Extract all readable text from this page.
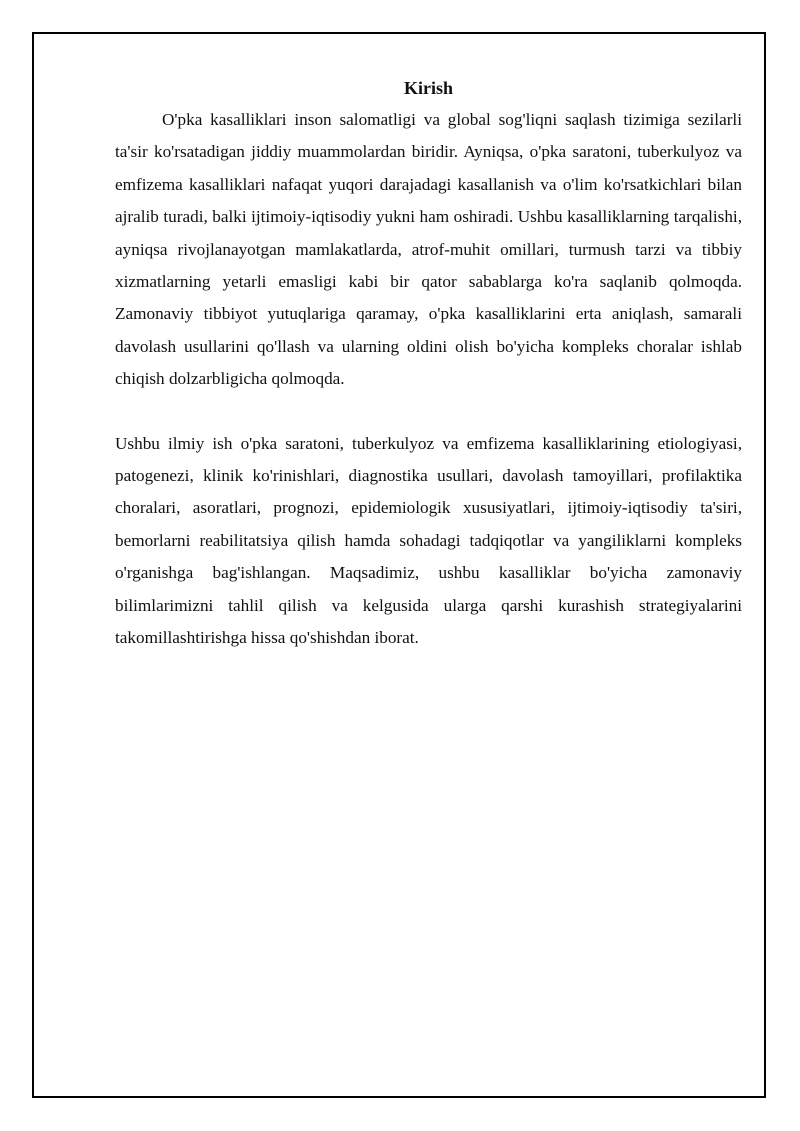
Kirish

O'pka kasalliklari inson salomatligi va global sog'liqni saqlash tizimiga sezilarli ta'sir ko'rsatadigan jiddiy muammolardan biridir. Ayniqsa, o'pka saratoni, tuberkulyoz va emfizema kasalliklari nafaqat yuqori darajadagi kasallanish va o'lim ko'rsatkichlari bilan ajralib turadi, balki ijtimoiy-iqtisodiy yukni ham oshiradi. Ushbu kasalliklarning tarqalishi, ayniqsa rivojlanayotgan mamlakatlarda, atrof-muhit omillari, turmush tarzi va tibbiy xizmatlarning yetarli emasligi kabi bir qator sabablarga ko'ra saqlanib qolmoqda. Zamonaviy tibbiyot yutuqlariga qaramay, o'pka kasalliklarini erta aniqlash, samarali davolash usullarini qo'llash va ularning oldini olish bo'yicha kompleks choralar ishlab chiqish dolzarbligicha qolmoqda.

Ushbu ilmiy ish o'pka saratoni, tuberkulyoz va emfizema kasalliklarining etiologiyasi, patogenezi, klinik ko'rinishlari, diagnostika usullari, davolash tamoyillari, profilaktika choralari, asoratlari, prognozi, epidemiologik xususiyatlari, ijtimoiy-iqtisodiy ta'siri, bemorlarni reabilitatsiya qilish hamda sohadagi tadqiqotlar va yangiliklarni kompleks o'rganishga bag'ishlangan. Maqsadimiz, ushbu kasalliklar bo'yicha zamonaviy bilimlarimizni tahlil qilish va kelgusida ularga qarshi kurashish strategiyalarini takomillashtirishga hissa qo'shishdan iborat.
